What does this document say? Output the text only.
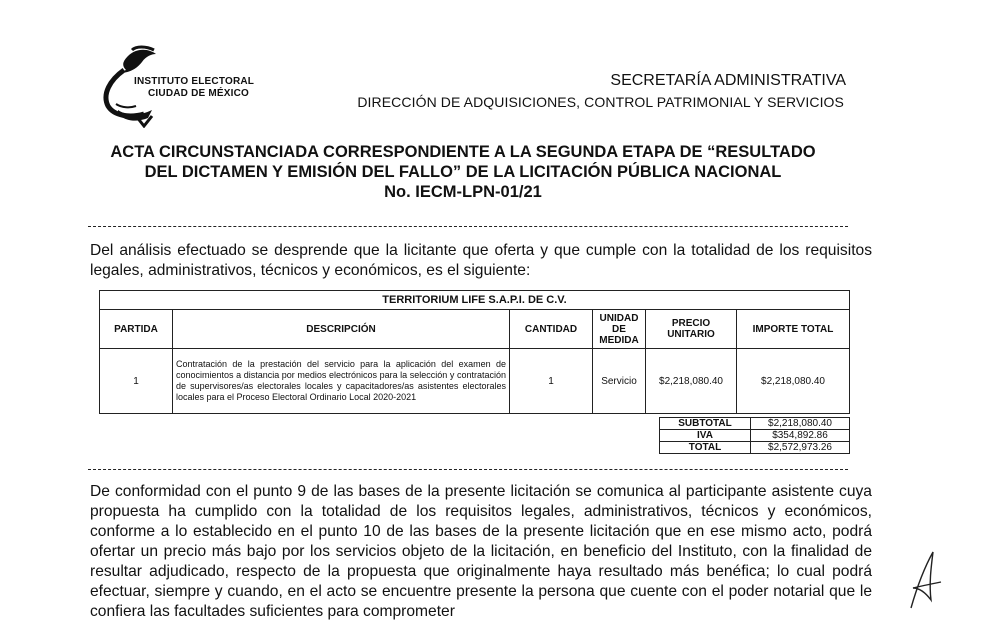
INSTITUTO ELECTORAL
CIUDAD DE MÉXICO
SECRETARÍA ADMINISTRATIVA
DIRECCIÓN DE ADQUISICIONES, CONTROL PATRIMONIAL Y SERVICIOS
ACTA CIRCUNSTANCIADA CORRESPONDIENTE A LA SEGUNDA ETAPA DE “RESULTADO
DEL DICTAMEN Y EMISIÓN DEL FALLO” DE LA LICITACIÓN PÚBLICA NACIONAL
No. IECM-LPN-01/21
Del análisis efectuado se desprende que la licitante que oferta y que cumple con la totalidad de los requisitos legales, administrativos, técnicos y económicos, es el siguiente:
TERRITORIUM LIFE S.A.P.I. DE C.V.					
PARTIDA	DESCRIPCIÓN	CANTIDAD	UNIDAD DE MEDIDA	PRECIO UNITARIO	IMPORTE TOTAL
1	Contratación de la prestación del servicio para la aplicación del examen de conocimientos a distancia por medios electrónicos para la selección y contratación de supervisores/as electorales locales y capacitadores/as asistentes electorales locales para el Proceso Electoral Ordinario Local 2020-2021	1	Servicio	$2,218,080.40	$2,218,080.40
SUBTOTAL	$2,218,080.40
IVA	$354,892.86
TOTAL	$2,572,973.26
De conformidad con el punto 9 de las bases de la presente licitación se comunica al participante asistente cuya propuesta ha cumplido con la totalidad de los requisitos legales, administrativos, técnicos y económicos, conforme a lo establecido en el punto 10 de las bases de la presente licitación que en ese mismo acto, podrá ofertar un precio más bajo por los servicios objeto de la licitación, en beneficio del Instituto, con la finalidad de resultar adjudicado, respecto de la propuesta que originalmente haya resultado más benéfica; lo cual podrá efectuar, siempre y cuando, en el acto se encuentre presente la persona que cuente con el poder notarial que le confiera las facultades suficientes para comprometer
